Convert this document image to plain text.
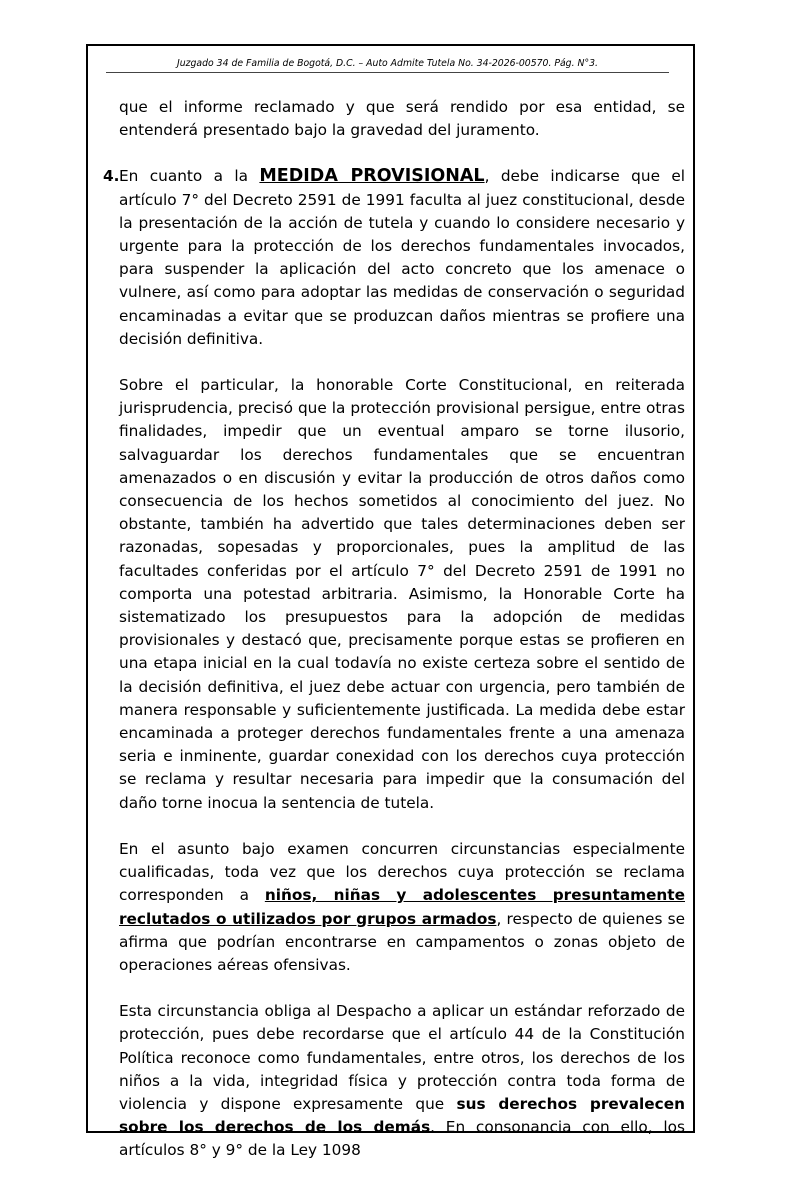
Juzgado 34 de Familia de Bogotá, D.C. – Auto Admite Tutela No. 34-2026-00570. Pág. N°3.

que el informe reclamado y que será rendido por esa entidad, se entenderá presentado bajo la gravedad del juramento.

4. En cuanto a la MEDIDA PROVISIONAL, debe indicarse que el artículo 7° del Decreto 2591 de 1991 faculta al juez constitucional, desde la presentación de la acción de tutela y cuando lo considere necesario y urgente para la protección de los derechos fundamentales invocados, para suspender la aplicación del acto concreto que los amenace o vulnere, así como para adoptar las medidas de conservación o seguridad encaminadas a evitar que se produzcan daños mientras se profiere una decisión definitiva.

Sobre el particular, la honorable Corte Constitucional, en reiterada jurisprudencia, precisó que la protección provisional persigue, entre otras finalidades, impedir que un eventual amparo se torne ilusorio, salvaguardar los derechos fundamentales que se encuentran amenazados o en discusión y evitar la producción de otros daños como consecuencia de los hechos sometidos al conocimiento del juez. No obstante, también ha advertido que tales determinaciones deben ser razonadas, sopesadas y proporcionales, pues la amplitud de las facultades conferidas por el artículo 7° del Decreto 2591 de 1991 no comporta una potestad arbitraria. Asimismo, la Honorable Corte ha sistematizado los presupuestos para la adopción de medidas provisionales y destacó que, precisamente porque estas se profieren en una etapa inicial en la cual todavía no existe certeza sobre el sentido de la decisión definitiva, el juez debe actuar con urgencia, pero también de manera responsable y suficientemente justificada. La medida debe estar encaminada a proteger derechos fundamentales frente a una amenaza seria e inminente, guardar conexidad con los derechos cuya protección se reclama y resultar necesaria para impedir que la consumación del daño torne inocua la sentencia de tutela.

En el asunto bajo examen concurren circunstancias especialmente cualificadas, toda vez que los derechos cuya protección se reclama corresponden a niños, niñas y adolescentes presuntamente reclutados o utilizados por grupos armados, respecto de quienes se afirma que podrían encontrarse en campamentos o zonas objeto de operaciones aéreas ofensivas.

Esta circunstancia obliga al Despacho a aplicar un estándar reforzado de protección, pues debe recordarse que el artículo 44 de la Constitución Política reconoce como fundamentales, entre otros, los derechos de los niños a la vida, integridad física y protección contra toda forma de violencia y dispone expresamente que sus derechos prevalecen sobre los derechos de los demás. En consonancia con ello, los artículos 8° y 9° de la Ley 1098
